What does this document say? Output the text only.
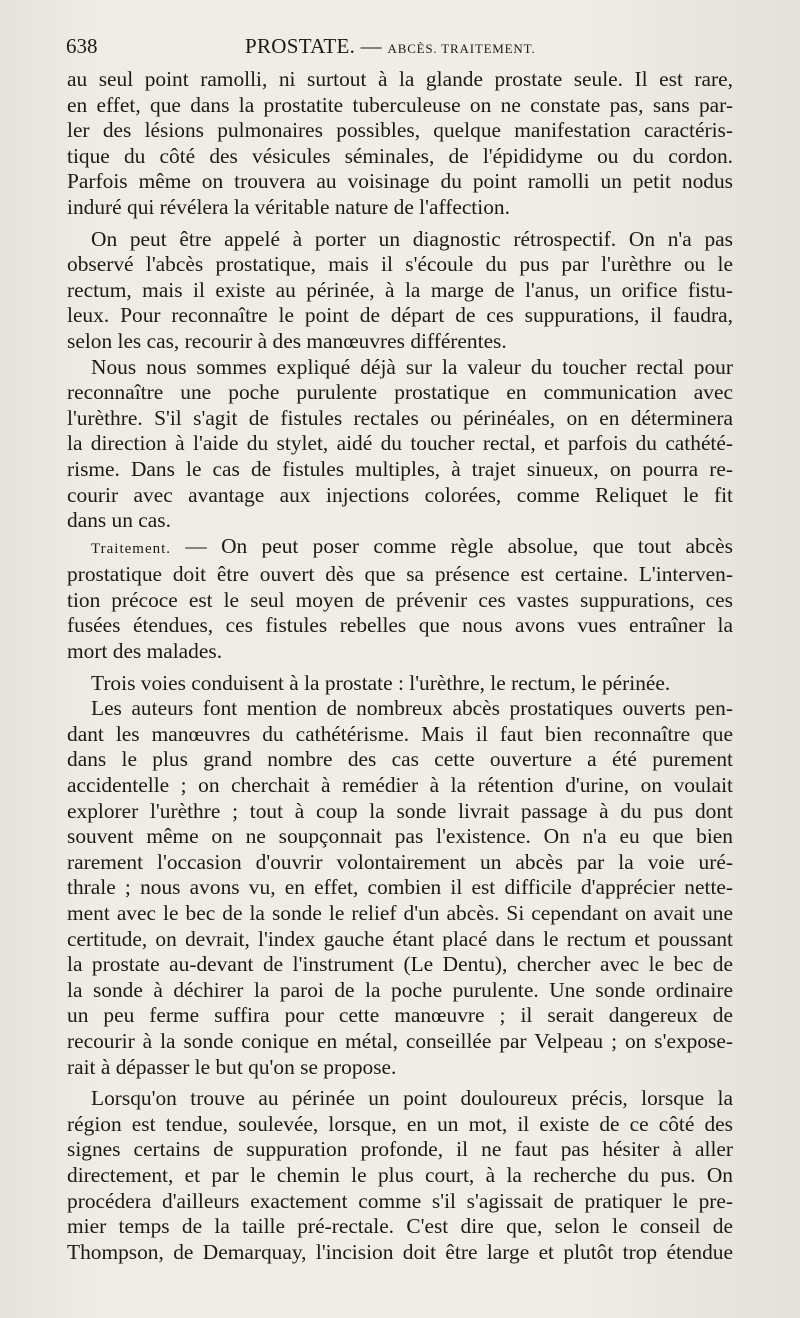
638	PROSTATE. — ABCÈS. TRAITEMENT.
au seul point ramolli, ni surtout à la glande prostate seule. Il est rare,
en effet, que dans la prostatite tuberculeuse on ne constate pas, sans par-
ler des lésions pulmonaires possibles, quelque manifestation caractéris-
tique du côté des vésicules séminales, de l'épididyme ou du cordon.
Parfois même on trouvera au voisinage du point ramolli un petit nodus
induré qui révélera la véritable nature de l'affection.
On peut être appelé à porter un diagnostic rétrospectif. On n'a pas
observé l'abcès prostatique, mais il s'écoule du pus par l'urèthre ou le
rectum, mais il existe au périnée, à la marge de l'anus, un orifice fistu-
leux. Pour reconnaître le point de départ de ces suppurations, il faudra,
selon les cas, recourir à des manœuvres différentes.
Nous nous sommes expliqué déjà sur la valeur du toucher rectal pour
reconnaître une poche purulente prostatique en communication avec
l'urèthre. S'il s'agit de fistules rectales ou périnéales, on en déterminera
la direction à l'aide du stylet, aidé du toucher rectal, et parfois du cathété-
risme. Dans le cas de fistules multiples, à trajet sinueux, on pourra re-
courir avec avantage aux injections colorées, comme Reliquet le fit
dans un cas.
Traitement. — On peut poser comme règle absolue, que tout abcès
prostatique doit être ouvert dès que sa présence est certaine. L'interven-
tion précoce est le seul moyen de prévenir ces vastes suppurations, ces
fusées étendues, ces fistules rebelles que nous avons vues entraîner la
mort des malades.
Trois voies conduisent à la prostate : l'urèthre, le rectum, le périnée.
Les auteurs font mention de nombreux abcès prostatiques ouverts pen-
dant les manœuvres du cathétérisme. Mais il faut bien reconnaître que
dans le plus grand nombre des cas cette ouverture a été purement
accidentelle ; on cherchait à remédier à la rétention d'urine, on voulait
explorer l'urèthre ; tout à coup la sonde livrait passage à du pus dont
souvent même on ne soupçonnait pas l'existence. On n'a eu que bien
rarement l'occasion d'ouvrir volontairement un abcès par la voie uré-
thrale ; nous avons vu, en effet, combien il est difficile d'apprécier nette-
ment avec le bec de la sonde le relief d'un abcès. Si cependant on avait une
certitude, on devrait, l'index gauche étant placé dans le rectum et poussant
la prostate au-devant de l'instrument (Le Dentu), chercher avec le bec de
la sonde à déchirer la paroi de la poche purulente. Une sonde ordinaire
un peu ferme suffira pour cette manœuvre ; il serait dangereux de
recourir à la sonde conique en métal, conseillée par Velpeau ; on s'expose-
rait à dépasser le but qu'on se propose.
Lorsqu'on trouve au périnée un point douloureux précis, lorsque la
région est tendue, soulevée, lorsque, en un mot, il existe de ce côté des
signes certains de suppuration profonde, il ne faut pas hésiter à aller
directement, et par le chemin le plus court, à la recherche du pus. On
procédera d'ailleurs exactement comme s'il s'agissait de pratiquer le pre-
mier temps de la taille pré-rectale. C'est dire que, selon le conseil de
Thompson, de Demarquay, l'incision doit être large et plutôt trop étendue
